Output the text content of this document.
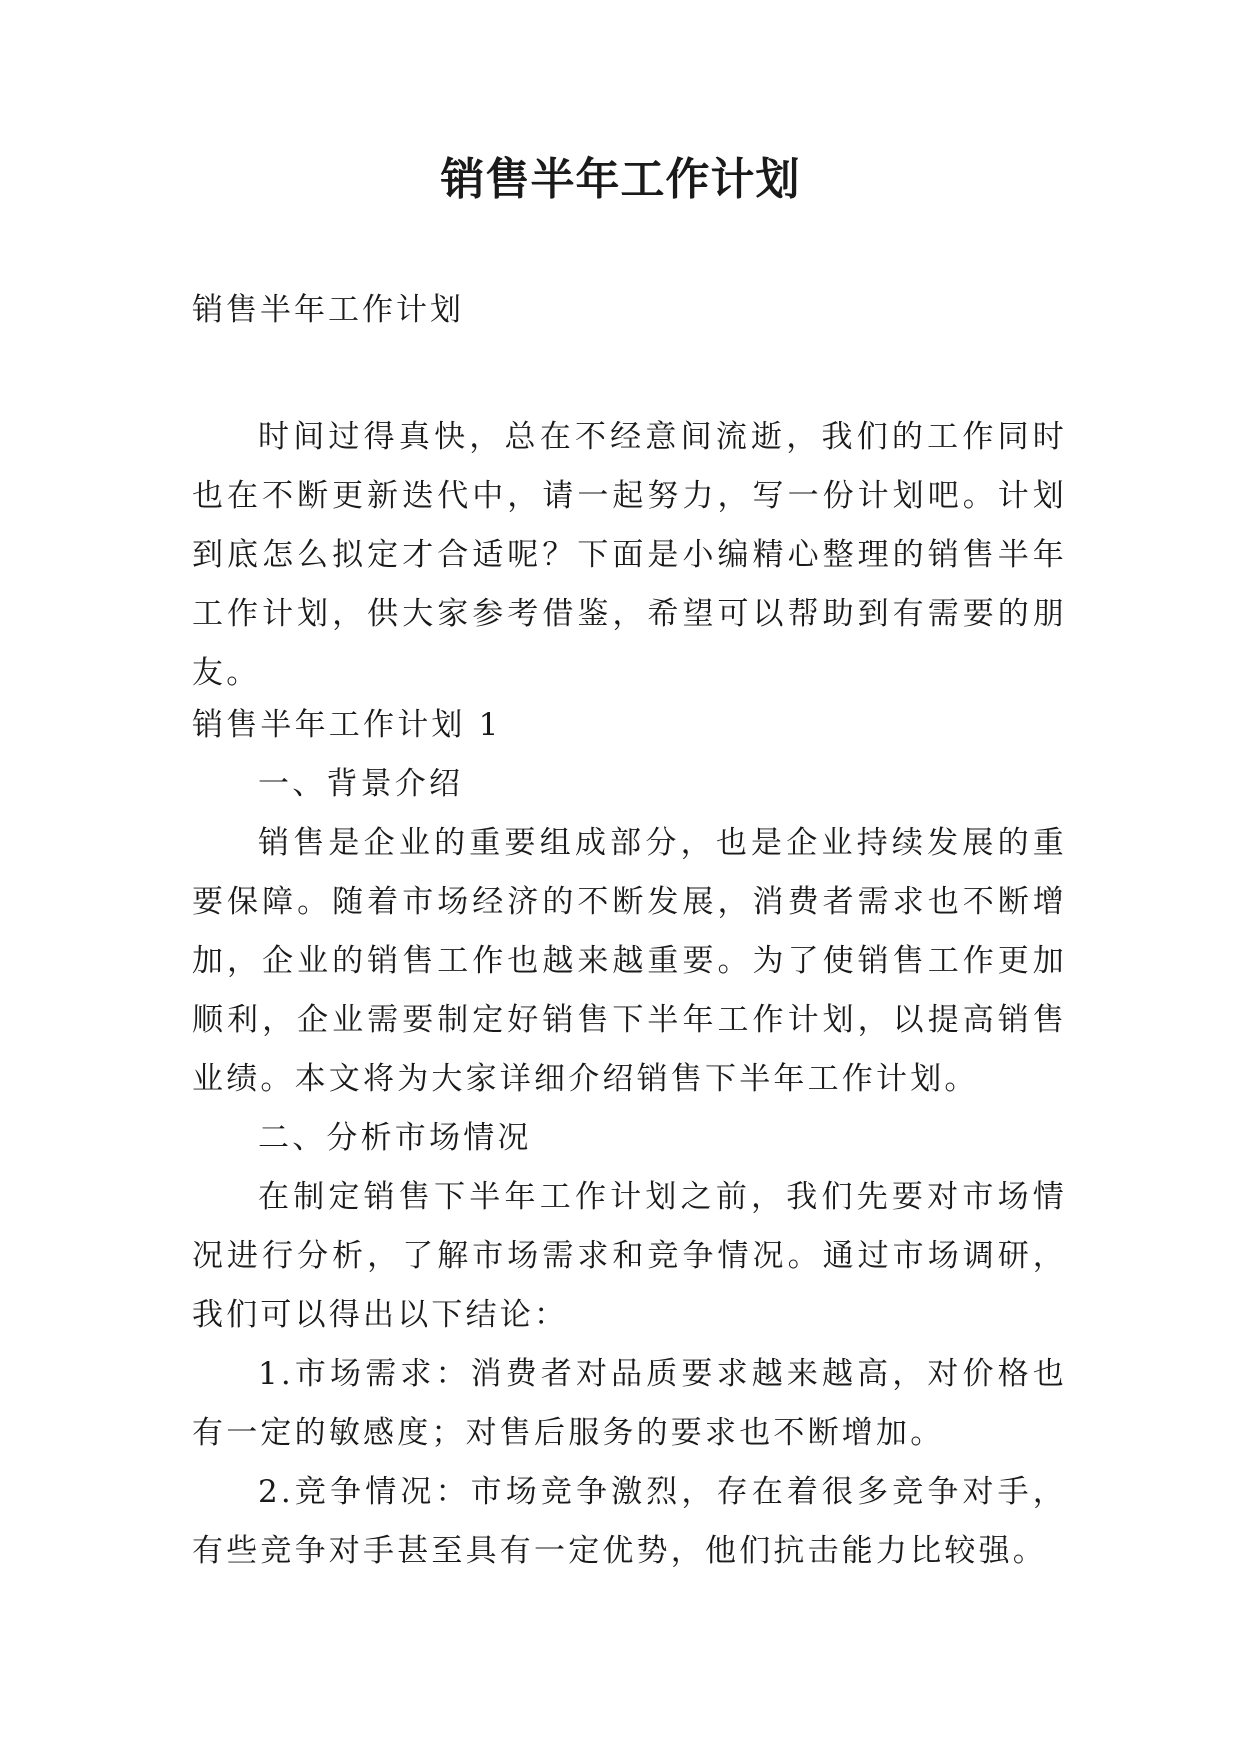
销售半年工作计划

销售半年工作计划

时间过得真快，总在不经意间流逝，我们的工作同时也在不断更新迭代中，请一起努力，写一份计划吧。计划到底怎么拟定才合适呢？下面是小编精心整理的销售半年工作计划，供大家参考借鉴，希望可以帮助到有需要的朋友。

销售半年工作计划 1

一、背景介绍

销售是企业的重要组成部分，也是企业持续发展的重要保障。随着市场经济的不断发展，消费者需求也不断增加，企业的销售工作也越来越重要。为了使销售工作更加顺利，企业需要制定好销售下半年工作计划，以提高销售业绩。本文将为大家详细介绍销售下半年工作计划。

二、分析市场情况

在制定销售下半年工作计划之前，我们先要对市场情况进行分析，了解市场需求和竞争情况。通过市场调研，我们可以得出以下结论：

1.市场需求：消费者对品质要求越来越高，对价格也有一定的敏感度；对售后服务的要求也不断增加。

2.竞争情况：市场竞争激烈，存在着很多竞争对手，有些竞争对手甚至具有一定优势，他们抗击能力比较强。
